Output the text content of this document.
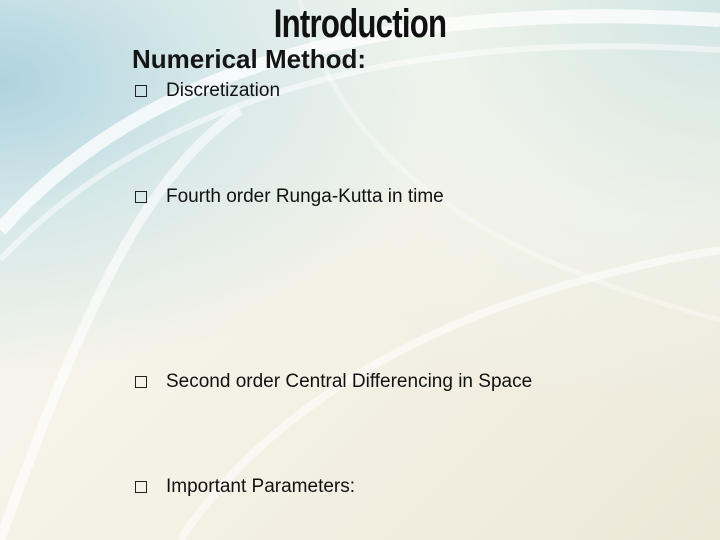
Introduction
Numerical Method:
Discretization
Fourth order Runga-Kutta in time
Second order Central Differencing in Space
Important Parameters:
